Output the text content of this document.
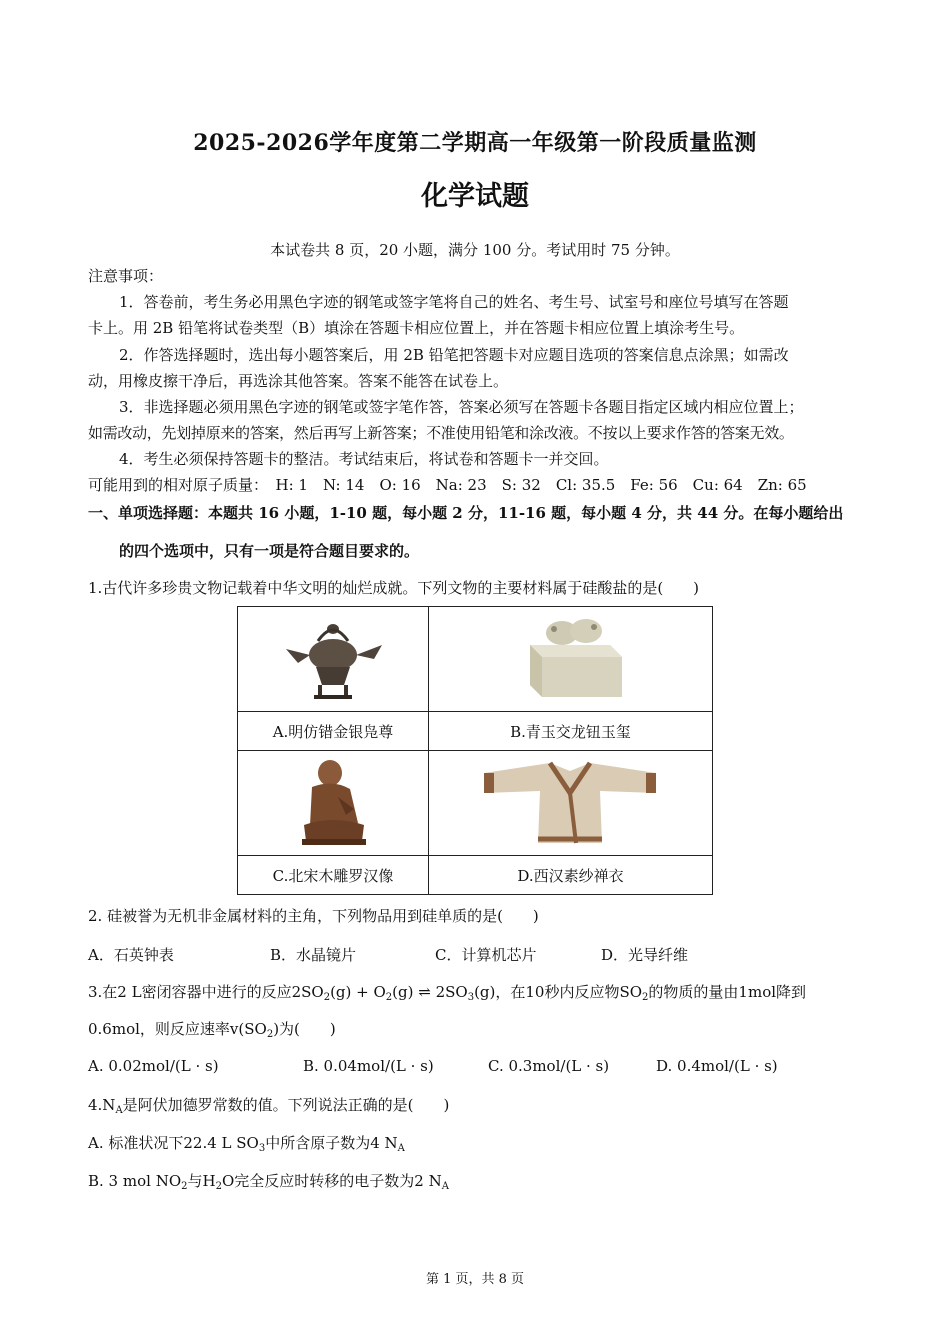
2025-2026学年度第二学期高一年级第一阶段质量监测
化学试题
本试卷共 8 页，20 小题，满分 100 分。考试用时 75 分钟。
注意事项：
1．答卷前，考生务必用黑色字迹的钢笔或签字笔将自己的姓名、考生号、试室号和座位号填写在答题
卡上。用 2B 铅笔将试卷类型（B）填涂在答题卡相应位置上，并在答题卡相应位置上填涂考生号。
2．作答选择题时，选出每小题答案后，用 2B 铅笔把答题卡对应题目选项的答案信息点涂黑；如需改
动，用橡皮擦干净后，再选涂其他答案。答案不能答在试卷上。
3．非选择题必须用黑色字迹的钢笔或签字笔作答，答案必须写在答题卡各题目指定区域内相应位置上；
如需改动，先划掉原来的答案，然后再写上新答案；不准使用铅笔和涂改液。不按以上要求作答的答案无效。
4．考生必须保持答题卡的整洁。考试结束后，将试卷和答题卡一并交回。
可能用到的相对原子质量：　H: 1　N: 14　O: 16　Na: 23　S: 32　Cl: 35.5　Fe: 56　Cu: 64　Zn: 65
一、单项选择题：本题共 16 小题，1-10 题，每小题 2 分，11-16 题，每小题 4 分，共 44 分。在每小题给出
的四个选项中，只有一项是符合题目要求的。
1.古代许多珍贵文物记载着中华文明的灿烂成就。下列文物的主要材料属于硅酸盐的是(　　)

A.明仿错金银凫尊	B.青玉交龙钮玉玺

C.北宋木雕罗汉像	D.西汉素纱禅衣
2. 硅被誉为无机非金属材料的主角，下列物品用到硅单质的是(　　)
A．石英钟表	B．水晶镜片	C．计算机芯片	D．光导纤维
3.在2 L密闭容器中进行的反应$2SO_2(g) + O_2(g)$ ⇌ $2SO_3(g)$，在10秒内反应物$SO_2$的物质的量由1mol降到
0.6mol，则反应速率$v(SO_2)$为(　　)
A. 0.02mol/(L · s)	B. 0.04mol/(L · s)	C. 0.3mol/(L · s)	D. 0.4mol/(L · s)
$4.N_A$是阿伏加德罗常数的值。下列说法正确的是(　　)
A. 标准状况下22.4 L $SO_3$中所含原子数为4 $N_A$
B. 3 mol $NO_2$与$H_2O$完全反应时转移的电子数为2 $N_A$
第 1 页，共 8 页
